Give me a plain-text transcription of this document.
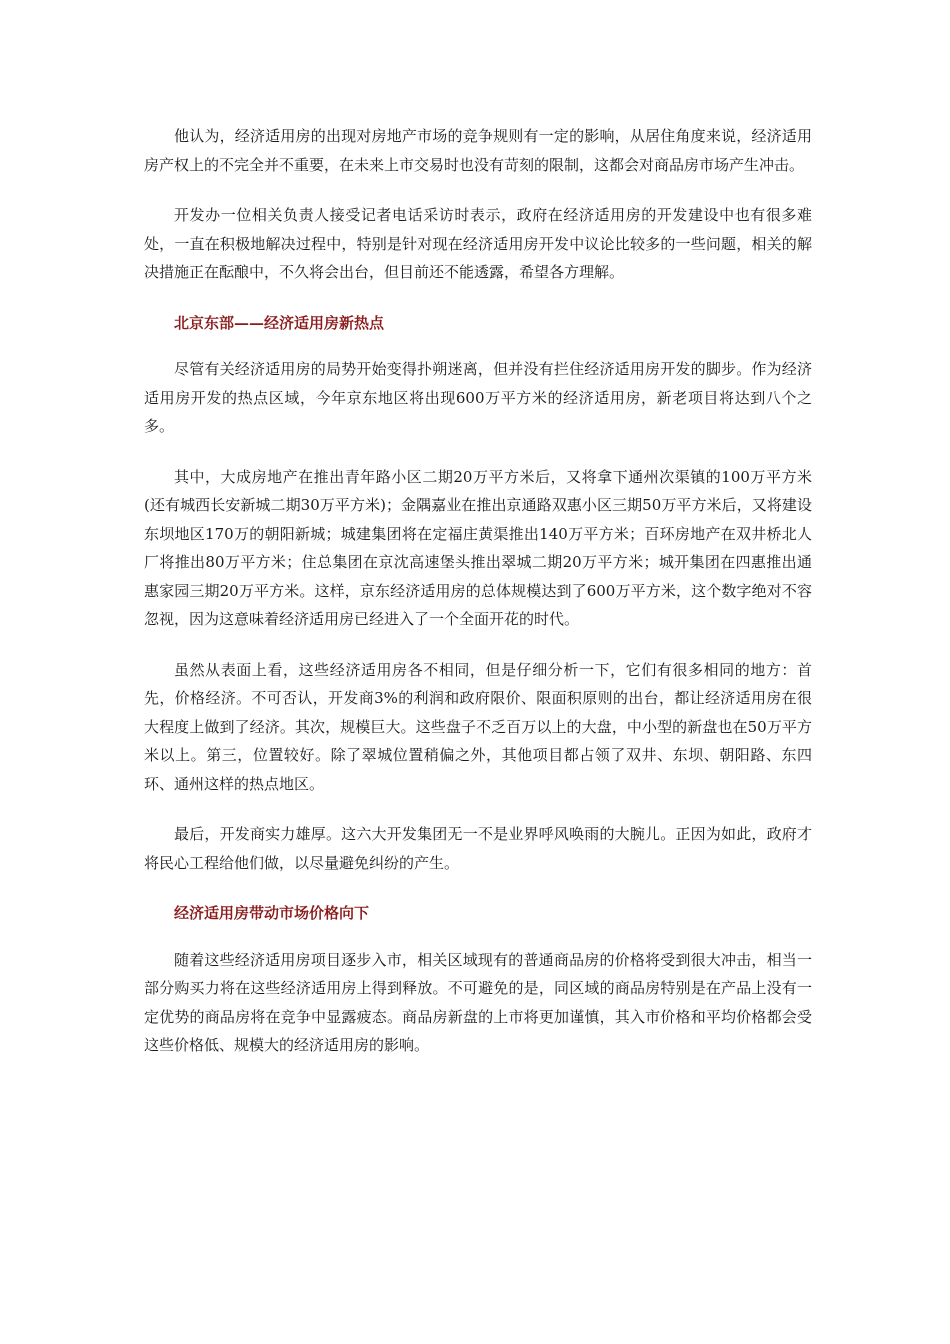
他认为，经济适用房的出现对房地产市场的竞争规则有一定的影响，从居住角度来说，经济适用房产权上的不完全并不重要，在未来上市交易时也没有苛刻的限制，这都会对商品房市场产生冲击。

开发办一位相关负责人接受记者电话采访时表示，政府在经济适用房的开发建设中也有很多难处，一直在积极地解决过程中，特别是针对现在经济适用房开发中议论比较多的一些问题，相关的解决措施正在酝酿中，不久将会出台，但目前还不能透露，希望各方理解。

北京东部——经济适用房新热点

尽管有关经济适用房的局势开始变得扑朔迷离，但并没有拦住经济适用房开发的脚步。作为经济适用房开发的热点区域，今年京东地区将出现600万平方米的经济适用房，新老项目将达到八个之多。

其中，大成房地产在推出青年路小区二期20万平方米后，又将拿下通州次渠镇的100万平方米(还有城西长安新城二期30万平方米)；金隅嘉业在推出京通路双惠小区三期50万平方米后，又将建设东坝地区170万的朝阳新城；城建集团将在定福庄黄渠推出140万平方米；百环房地产在双井桥北人厂将推出80万平方米；住总集团在京沈高速堡头推出翠城二期20万平方米；城开集团在四惠推出通惠家园三期20万平方米。这样，京东经济适用房的总体规模达到了600万平方米，这个数字绝对不容忽视，因为这意味着经济适用房已经进入了一个全面开花的时代。

虽然从表面上看，这些经济适用房各不相同，但是仔细分析一下，它们有很多相同的地方：首先，价格经济。不可否认，开发商3%的利润和政府限价、限面积原则的出台，都让经济适用房在很大程度上做到了经济。其次，规模巨大。这些盘子不乏百万以上的大盘，中小型的新盘也在50万平方米以上。第三，位置较好。除了翠城位置稍偏之外，其他项目都占领了双井、东坝、朝阳路、东四环、通州这样的热点地区。

最后，开发商实力雄厚。这六大开发集团无一不是业界呼风唤雨的大腕儿。正因为如此，政府才将民心工程给他们做，以尽量避免纠纷的产生。

经济适用房带动市场价格向下

随着这些经济适用房项目逐步入市，相关区域现有的普通商品房的价格将受到很大冲击，相当一部分购买力将在这些经济适用房上得到释放。不可避免的是，同区域的商品房特别是在产品上没有一定优势的商品房将在竞争中显露疲态。商品房新盘的上市将更加谨慎，其入市价格和平均价格都会受这些价格低、规模大的经济适用房的影响。
